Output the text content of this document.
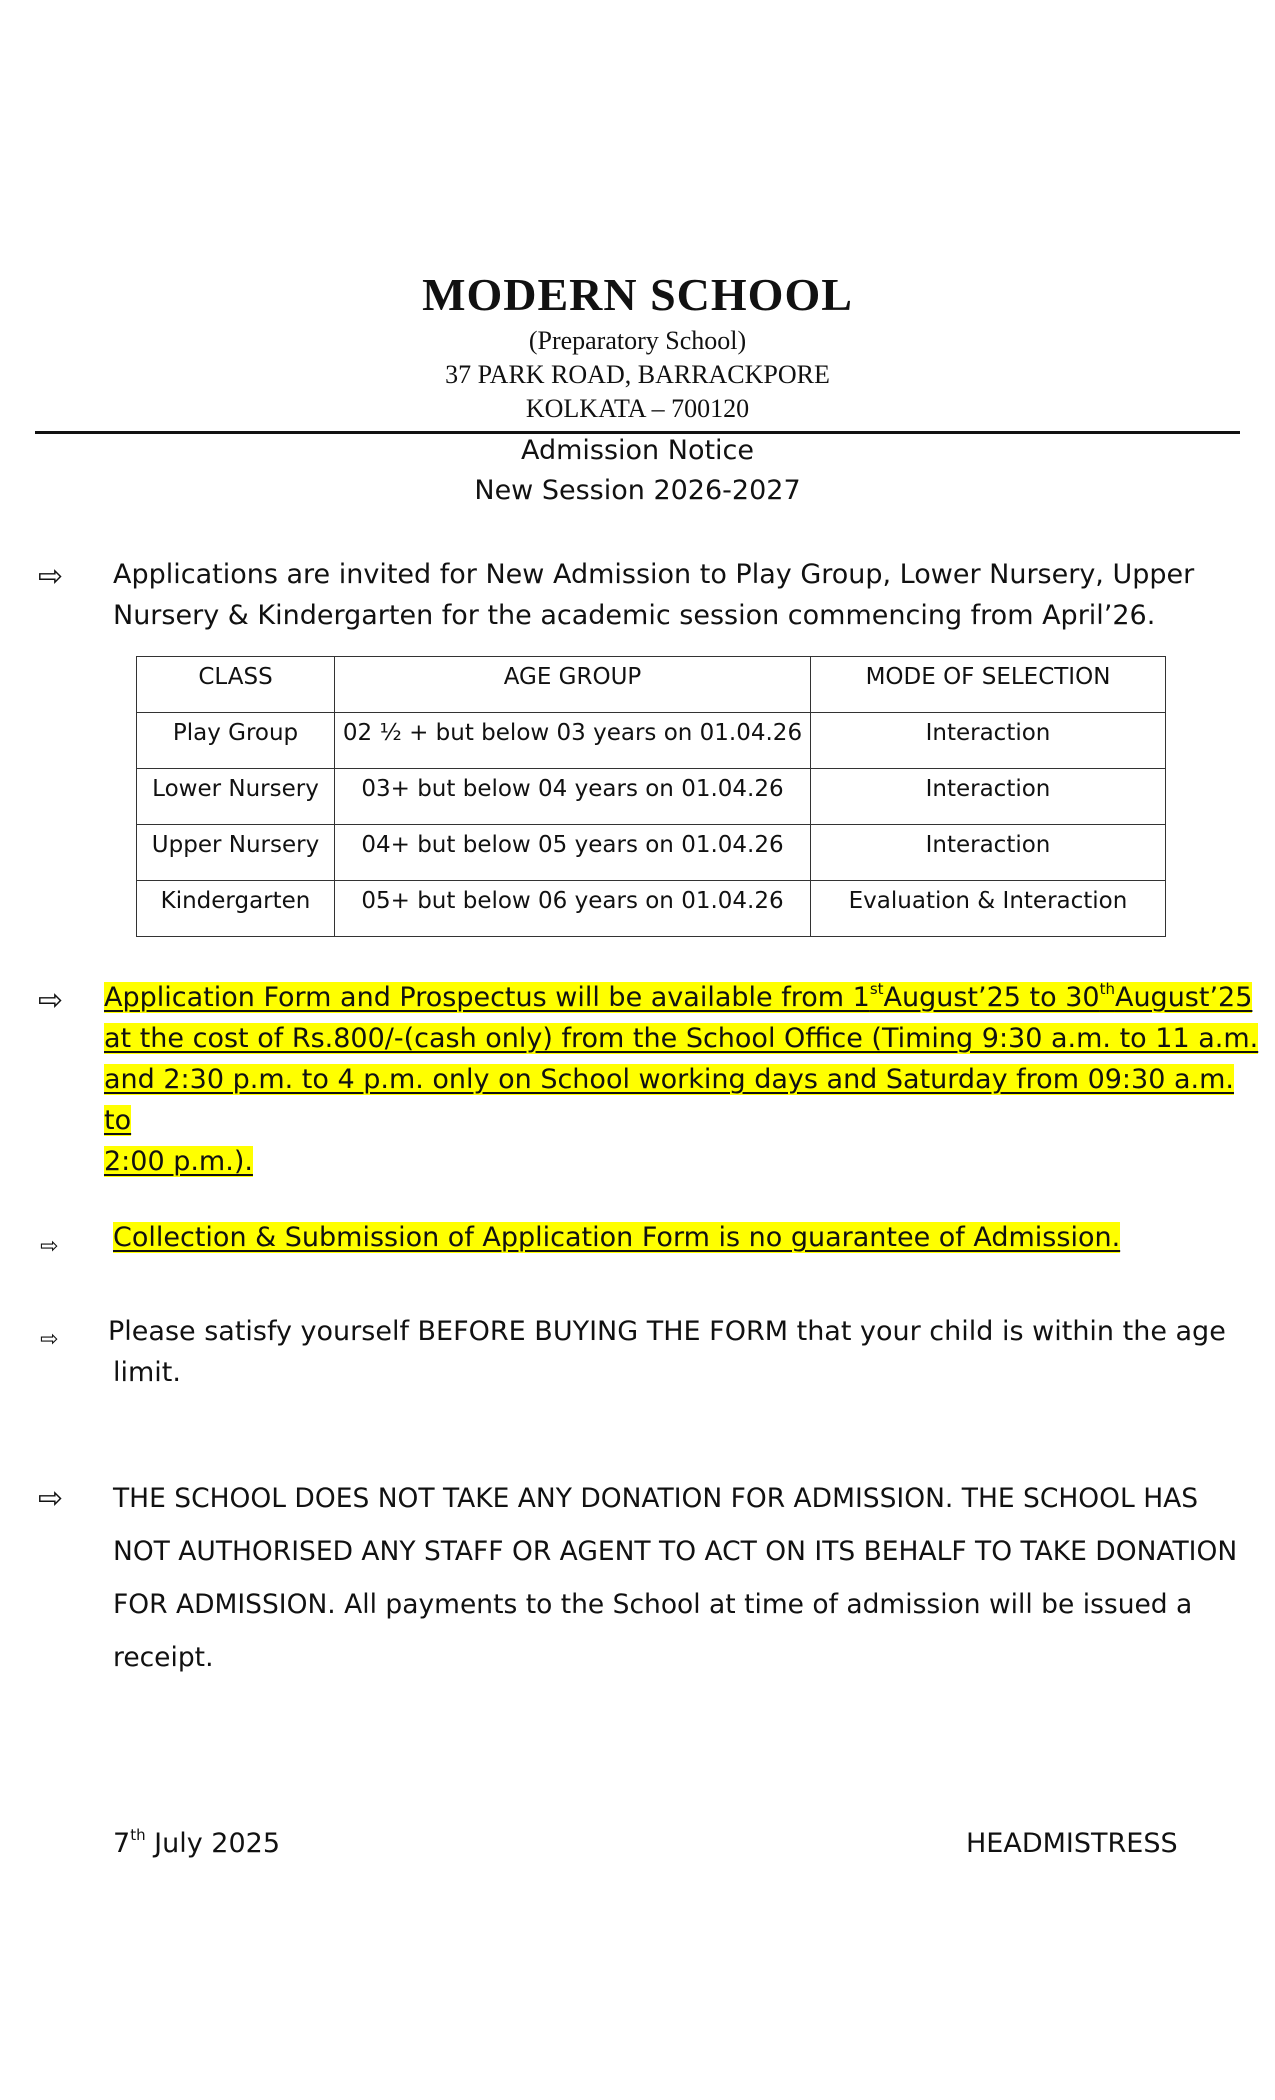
MODERN SCHOOL
(Preparatory School)
37 PARK ROAD, BARRACKPORE
KOLKATA – 700120
Admission Notice
New Session 2026-2027
⇨ Applications are invited for New Admission to Play Group, Lower Nursery, Upper
Nursery & Kindergarten for the academic session commencing from April’26.
CLASS	AGE GROUP	MODE OF SELECTION
Play Group	02 ½ + but below 03 years on 01.04.26	Interaction
Lower Nursery	03+ but below 04 years on 01.04.26	Interaction
Upper Nursery	04+ but below 05 years on 01.04.26	Interaction
Kindergarten	05+ but below 06 years on 01.04.26	Evaluation & Interaction
⇨ Application Form and Prospectus will be available from 1stAugust’25 to 30thAugust’25
at the cost of Rs.800/-(cash only) from the School Office (Timing 9:30 a.m. to 11 a.m.
and 2:30 p.m. to 4 p.m. only on School working days and Saturday from 09:30 a.m. to
2:00 p.m.).
⇨ Collection & Submission of Application Form is no guarantee of Admission.
⇨ Please satisfy yourself BEFORE BUYING THE FORM that your child is within the age
limit.
⇨ THE SCHOOL DOES NOT TAKE ANY DONATION FOR ADMISSION. THE SCHOOL HAS
NOT AUTHORISED ANY STAFF OR AGENT TO ACT ON ITS BEHALF TO TAKE DONATION
FOR ADMISSION. All payments to the School at time of admission will be issued a
receipt.
7th July 2025	HEADMISTRESS
